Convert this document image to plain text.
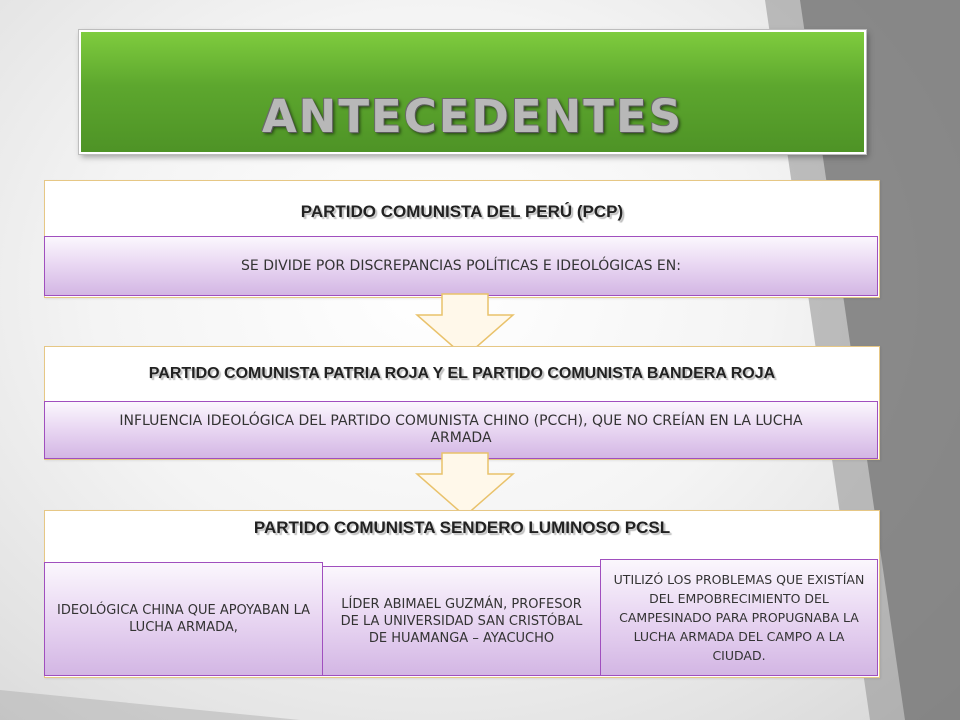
ANTECEDENTES
PARTIDO COMUNISTA DEL PERÚ (PCP)
SE DIVIDE POR DISCREPANCIAS POLÍTICAS E IDEOLÓGICAS EN:
PARTIDO COMUNISTA PATRIA ROJA Y EL PARTIDO COMUNISTA BANDERA ROJA
INFLUENCIA IDEOLÓGICA DEL PARTIDO COMUNISTA CHINO (PCCH), QUE NO CREÍAN EN LA LUCHA ARMADA
PARTIDO COMUNISTA SENDERO LUMINOSO PCSL
IDEOLÓGICA CHINA QUE APOYABAN LA LUCHA ARMADA,
LÍDER ABIMAEL GUZMÁN, PROFESOR DE LA UNIVERSIDAD SAN CRISTÓBAL DE HUAMANGA – AYACUCHO
UTILIZÓ LOS PROBLEMAS QUE EXISTÍAN DEL EMPOBRECIMIENTO DEL CAMPESINADO PARA PROPUGNABA LA LUCHA ARMADA DEL CAMPO A LA CIUDAD.
